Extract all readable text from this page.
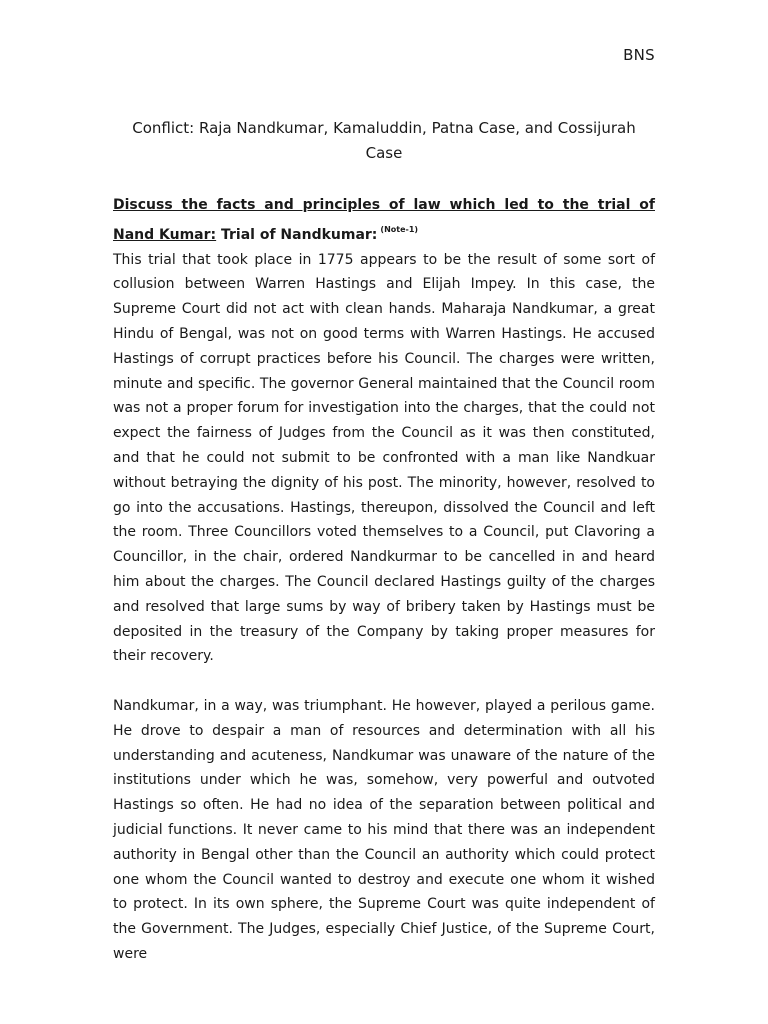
BNS
Conflict: Raja Nandkumar, Kamaluddin, Patna Case, and Cossijurah Case
Discuss the facts and principles of law which led to the trial of
Nand Kumar: Trial of Nandkumar: $^{(Note-1)}$

This trial that took place in 1775 appears to be the result of some sort of collusion between Warren Hastings and Elijah Impey. In this case, the Supreme Court did not act with clean hands. Maharaja Nandkumar, a great Hindu of Bengal, was not on good terms with Warren Hastings. He accused Hastings of corrupt practices before his Council. The charges were written, minute and specific. The governor General maintained that the Council room was not a proper forum for investigation into the charges, that the could not expect the fairness of Judges from the Council as it was then constituted, and that he could not submit to be confronted with a man like Nandkuar without betraying the dignity of his post. The minority, however, resolved to go into the accusations. Hastings, thereupon, dissolved the Council and left the room. Three Councillors voted themselves to a Council, put Clavoring a Councillor, in the chair, ordered Nandkurmar to be cancelled in and heard him about the charges. The Council declared Hastings guilty of the charges and resolved that large sums by way of bribery taken by Hastings must be deposited in the treasury of the Company by taking proper measures for their recovery.

Nandkumar, in a way, was triumphant. He however, played a perilous game. He drove to despair a man of resources and determination with all his understanding and acuteness, Nandkumar was unaware of the nature of the institutions under which he was, somehow, very powerful and outvoted Hastings so often. He had no idea of the separation between political and judicial functions. It never came to his mind that there was an independent authority in Bengal other than the Council an authority which could protect one whom the Council wanted to destroy and execute one whom it wished to protect. In its own sphere, the Supreme Court was quite independent of the Government. The Judges, especially Chief Justice, of the Supreme Court, were
